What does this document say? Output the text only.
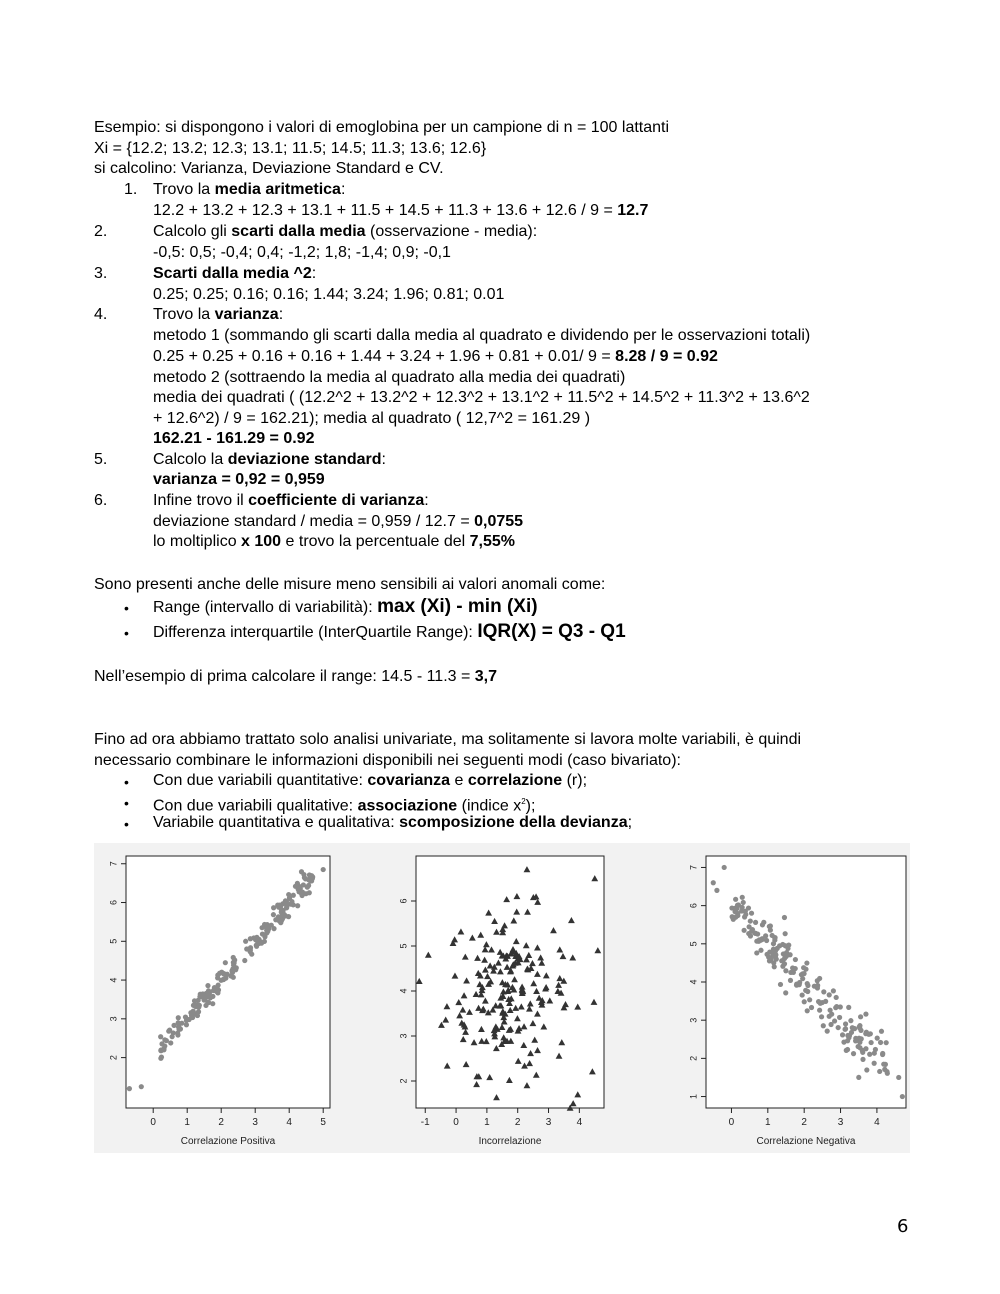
Esempio: si dispongono i valori di emoglobina per un campione di n = 100 lattanti
Xi = {12.2; 13.2; 12.3; 13.1; 11.5; 14.5; 11.3; 13.6; 12.6}
si calcolino: Varianza, Deviazione Standard e CV.
1. Trovo la media aritmetica:
12.2 + 13.2 + 12.3 + 13.1 + 11.5 + 14.5 + 11.3 + 13.6 + 12.6 / 9 = 12.7
2.	Calcolo gli scarti dalla media (osservazione - media):
-0,5: 0,5; -0,4; 0,4; -1,2; 1,8; -1,4; 0,9; -0,1
3.	Scarti dalla media ^2:
0.25; 0.25; 0.16; 0.16; 1.44; 3.24; 1.96; 0.81; 0.01
4.	Trovo la varianza:
metodo 1 (sommando gli scarti dalla media al quadrato e dividendo per le osservazioni totali)
0.25 + 0.25 + 0.16 + 0.16 + 1.44 + 3.24 + 1.96 + 0.81 + 0.01/ 9 = 8.28 / 9 = 0.92
metodo 2 (sottraendo la media al quadrato alla media dei quadrati)
media dei quadrati ( (12.2^2 + 13.2^2 + 12.3^2 + 13.1^2 + 11.5^2 + 14.5^2 + 11.3^2 + 13.6^2
+ 12.6^2) / 9 = 162.21); media al quadrato ( 12,7^2 = 161.29 )
162.21 - 161.29 = 0.92
5.	Calcolo la deviazione standard:
varianza = 0,92 = 0,959
6.	Infine trovo il coefficiente di varianza:
deviazione standard / media = 0,959 / 12.7 = 0,0755
lo moltiplico x 100 e trovo la percentuale del 7,55%
Sono presenti anche delle misure meno sensibili ai valori anomali come:
• Range (intervallo di variabilità): max (Xi) - min (Xi)
• Differenza interquartile (InterQuartile Range): IQR(X) = Q3 - Q1
Nell’esempio di prima calcolare il range: 14.5 - 11.3 = 3,7
Fino ad ora abbiamo trattato solo analisi univariate, ma solitamente si lavora molte variabili, è quindi
necessario combinare le informazioni disponibili nei seguenti modi (caso bivariato):
• Con due variabili quantitative: covarianza e correlazione (r);
• Con due variabili qualitative: associazione (indice $x^2$);
• Variabile quantitativa e qualitativa: scomposizione della devianza;
0	1	2	3	4	5
2
3
4
5
6
7
Correlazione Positiva
-1 0	1	2	3	4
2
3
4
5
6
Incorrelazione
0	1	2	3	4
1
2
3
4
5
6
7
Correlazione Negativa
6
